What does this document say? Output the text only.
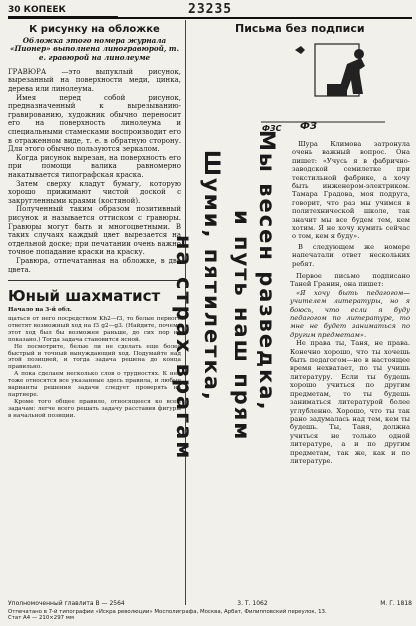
23235
30 КОПЕЕК
К рисунку на обложке

Обложка этого номера журнала «Пионер» выполнена линогравюрой, т. е. гравюрой на линолеуме

ГРАВЮРА —это выпуклый рисунок, вырезанный на поверхности меди, цинка, дерева или линолеума.

Имея перед собой рисунок, предназначенный к вырезыванию-гравированию, художник обычно переносит его на поверхность линолеума и специальными стамесками воспроизводит его в отраженном виде, т. е. в обратную сторону. Для этого обычно пользуются зеркалом.

Когда рисунок вырезан, на поверхность его при помощи валика равномерно накатывается типографская краска.

Затем сверху кладут бумагу, которую хорошо прижимают чистой доской с закругленными краями (костяной).

Полученный таким образом позитивный рисунок и называется оттиском с гравюры. Гравюры могут быть и многоцветными. В таких случаях каждый цвет вырезается на отдельной доске; при печатании очень важно точное попадание краски на краску.

Гравюра, отпечатанная на обложке, в два цвета.

Юный шахматист

Начало на 3-й обл.

щаться от него посредством Kh2—f3, то белые первого ответят возможный ход на f3 g2—g3. (Найдите, почему этот ход был бы возможен раньше, до сих пор не показано.) Тогда задача становится ясной.

Не посмотрите, белые ли не сделать еще более быстрый и точный вынуждающий ход. Подумайте над этой позицией, и тогда задача решена до конца правильно.

А пока сделаем несколько слов о трудностях. К ней тоже относятся все указанные здесь правила, и любые варианты решения задачи следует проверять на партнере.

Кроме того общее правило, относящееся ко всем задачам: легче всего решать задачу расставив фигуры в начальной позиции.

Письма без подписи
ФЗС ФЗ
Мы весен разведка,
и путь наш прям
Шуми, пятилетка,
на страх врагам

Шура Климова затронула очень важный вопрос. Она пишет: «Учусь я в фабрично-заводской семилетке при текстильной фабрике, а хочу быть инженером-электриком. Тамара Градова, моя подруга, говорит, что раз мы учимся в политехнической школе, так значит мы все будем тем, кем хотим. Я не хочу кумить сейчас о том, кем я буду».

В следующем же номере напечатали ответ нескольких ребят.

Первое письмо подписано Таней Гранин, она пишет:

«Я хочу быть педагогом—учителем литературы, но я боюсь, что если я буду педагогом по литературе, то мне не будет заниматься по другим предметам».

Не права ты, Таня, не права. Конечно хорошо, что ты хочешь быть педагогом—но в настоящее время нехватает, по ты учишь литературу. Если ты будешь хорошо учиться по другим предметам, то ты будешь заниматься литературой более углубленно. Хорошо, что ты так рано задумалась над тем, кем ты будешь. Ты, Таня, должна учиться не только одной литературе, а и по другим предметам, так же, как и по литературе.

Уполномоченный главлита В — 2564	3. Т. 1062	М. Г. 1818
Отпечатано в 7-й типографии «Искра революции» Мосполиграфа, Москва, Арбат, Филипповский переулок, 13.
Стат А4 — 210×297 мм
